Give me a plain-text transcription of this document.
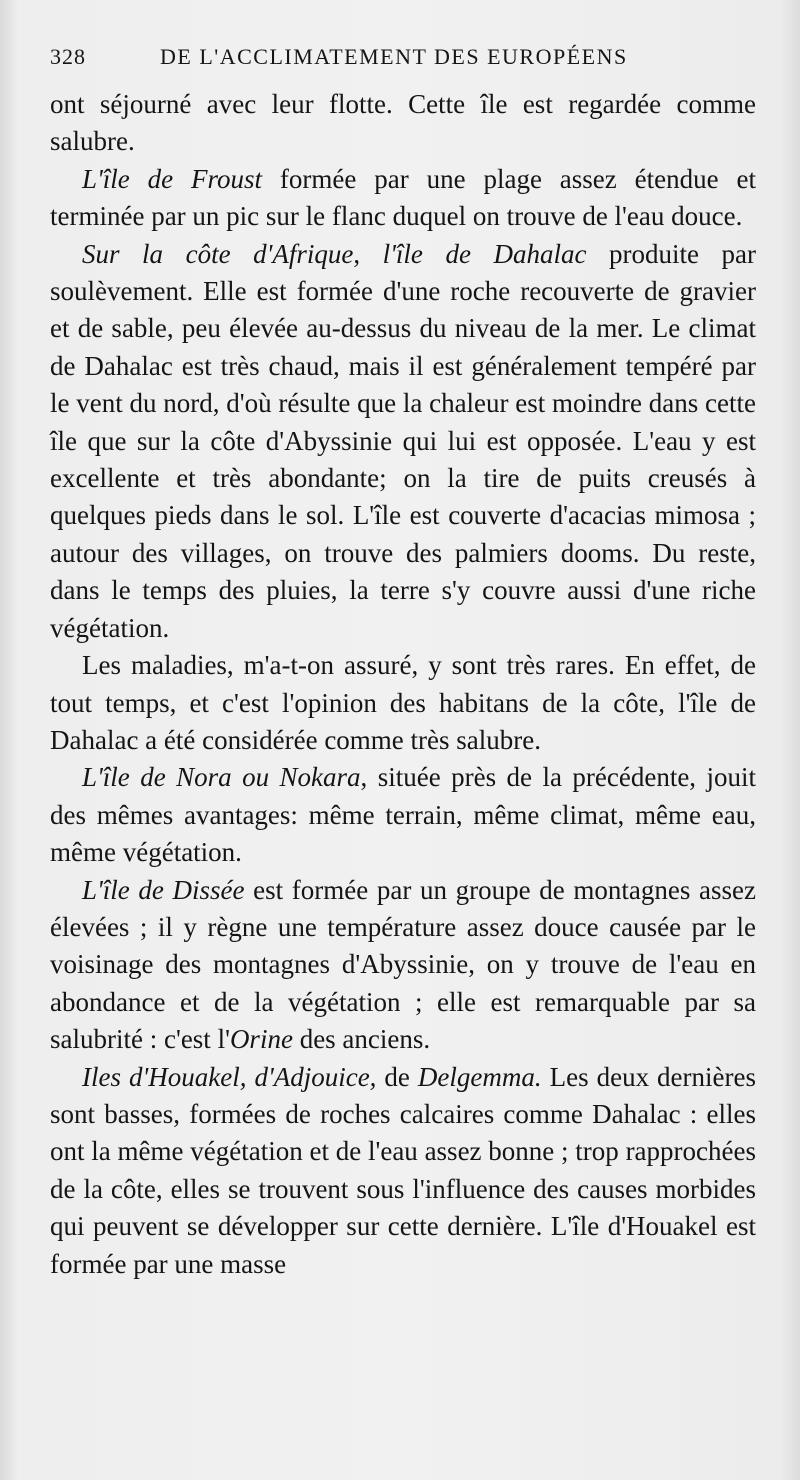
328	DE L'ACCLIMATEMENT DES EUROPÉENS

ont séjourné avec leur flotte. Cette île est regardée comme salubre.

L'île de Froust formée par une plage assez étendue et terminée par un pic sur le flanc duquel on trouve de l'eau douce.

Sur la côte d'Afrique, l'île de Dahalac produite par soulèvement. Elle est formée d'une roche recouverte de gravier et de sable, peu élevée au-dessus du niveau de la mer. Le climat de Dahalac est très chaud, mais il est généralement tempéré par le vent du nord, d'où résulte que la chaleur est moindre dans cette île que sur la côte d'Abyssinie qui lui est opposée. L'eau y est excellente et très abondante; on la tire de puits creusés à quelques pieds dans le sol. L'île est couverte d'acacias mimosa ; autour des villages, on trouve des palmiers dooms. Du reste, dans le temps des pluies, la terre s'y couvre aussi d'une riche végétation.

Les maladies, m'a-t-on assuré, y sont très rares. En effet, de tout temps, et c'est l'opinion des habitans de la côte, l'île de Dahalac a été considérée comme très salubre.

L'île de Nora ou Nokara, située près de la précédente, jouit des mêmes avantages: même terrain, même climat, même eau, même végétation.

L'île de Dissée est formée par un groupe de montagnes assez élevées ; il y règne une température assez douce causée par le voisinage des montagnes d'Abyssinie, on y trouve de l'eau en abondance et de la végétation ; elle est remarquable par sa salubrité : c'est l'Orine des anciens.

Iles d'Houakel, d'Adjouice, de Delgemma. Les deux dernières sont basses, formées de roches calcaires comme Dahalac : elles ont la même végétation et de l'eau assez bonne ; trop rapprochées de la côte, elles se trouvent sous l'influence des causes morbides qui peuvent se développer sur cette dernière. L'île d'Houakel est formée par une masse
